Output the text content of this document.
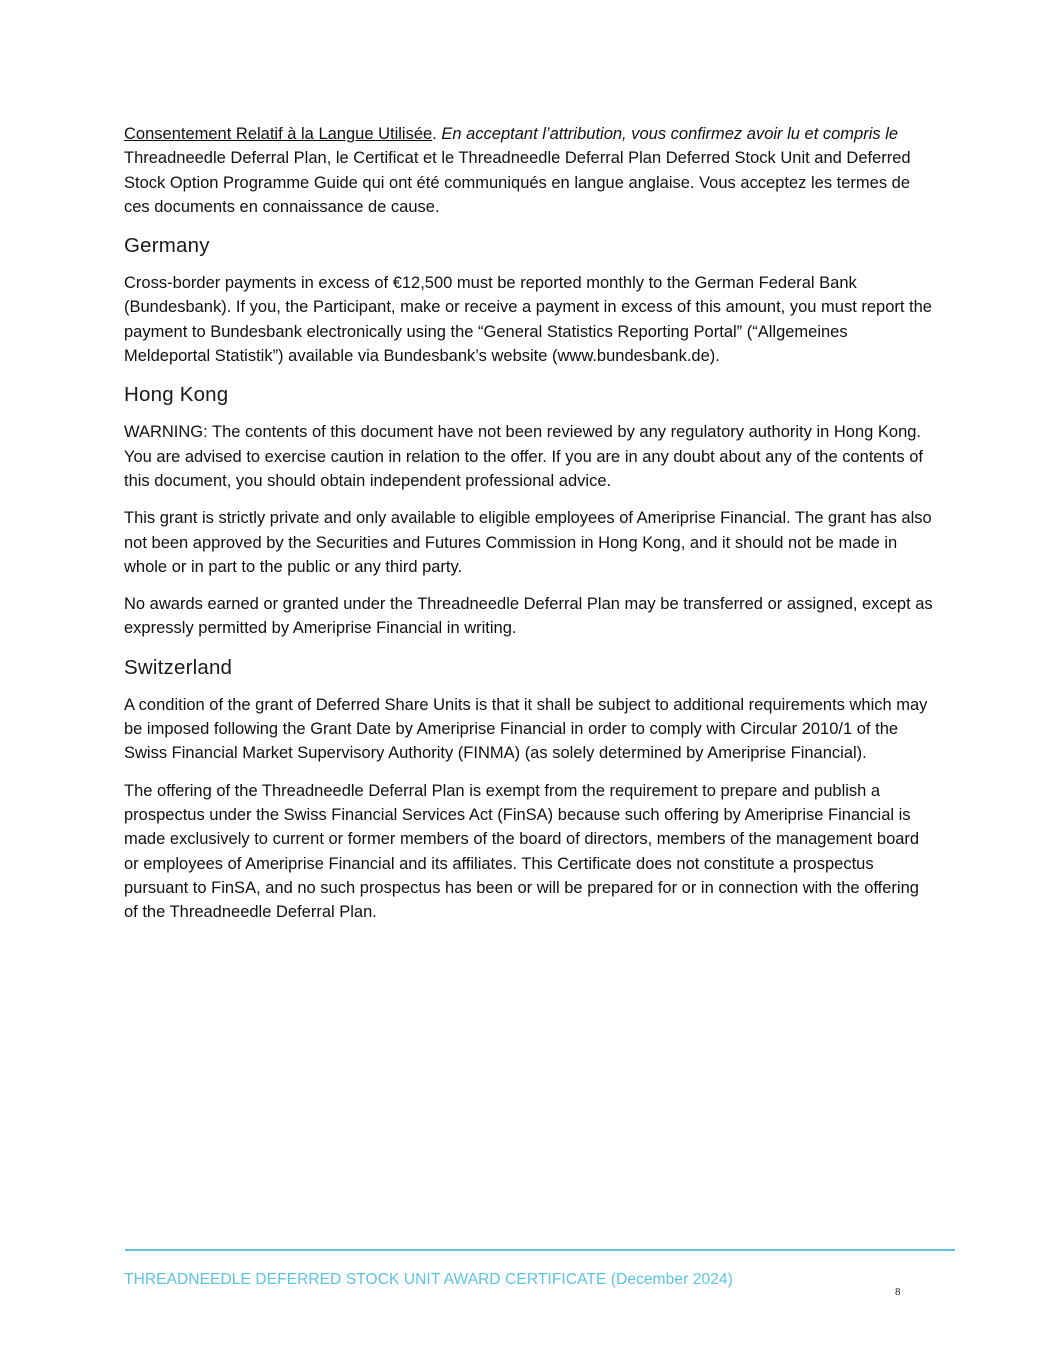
Consentement Relatif à la Langue Utilisée. En acceptant l’attribution, vous confirmez avoir lu et compris le Threadneedle Deferral Plan, le Certificat et le Threadneedle Deferral Plan Deferred Stock Unit and Deferred Stock Option Programme Guide qui ont été communiqués en langue anglaise. Vous acceptez les termes de ces documents en connaissance de cause.

Germany

Cross-border payments in excess of €12,500 must be reported monthly to the German Federal Bank (Bundesbank). If you, the Participant, make or receive a payment in excess of this amount, you must report the payment to Bundesbank electronically using the “General Statistics Reporting Portal” (“Allgemeines Meldeportal Statistik”) available via Bundesbank’s website (www.bundesbank.de).

Hong Kong

WARNING: The contents of this document have not been reviewed by any regulatory authority in Hong Kong. You are advised to exercise caution in relation to the offer. If you are in any doubt about any of the contents of this document, you should obtain independent professional advice.

This grant is strictly private and only available to eligible employees of Ameriprise Financial. The grant has also not been approved by the Securities and Futures Commission in Hong Kong, and it should not be made in whole or in part to the public or any third party.

No awards earned or granted under the Threadneedle Deferral Plan may be transferred or assigned, except as expressly permitted by Ameriprise Financial in writing.

Switzerland

A condition of the grant of Deferred Share Units is that it shall be subject to additional requirements which may be imposed following the Grant Date by Ameriprise Financial in order to comply with Circular 2010/1 of the Swiss Financial Market Supervisory Authority (FINMA) (as solely determined by Ameriprise Financial).

The offering of the Threadneedle Deferral Plan is exempt from the requirement to prepare and publish a prospectus under the Swiss Financial Services Act (FinSA) because such offering by Ameriprise Financial is made exclusively to current or former members of the board of directors, members of the management board or employees of Ameriprise Financial and its affiliates. This Certificate does not constitute a prospectus pursuant to FinSA, and no such prospectus has been or will be prepared for or in connection with the offering of the Threadneedle Deferral Plan.

THREADNEEDLE DEFERRED STOCK UNIT AWARD CERTIFICATE (December 2024)
8
